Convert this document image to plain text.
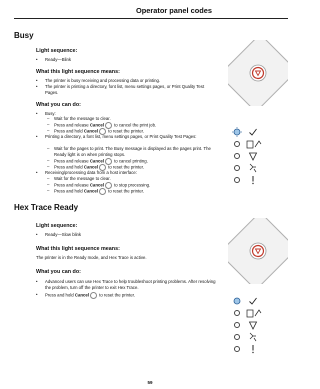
Operator panel codes
Busy
Light sequence:
• Ready—Blink
What this light sequence means:
• The printer is busy receiving and processing data or printing.
• The printer is printing a directory, font list, menu settings pages, or Print Quality Test Pages.
What you can do:
• Busy:
– Wait for the message to clear.
– Press and release Cancel to cancel the print job.
– Press and hold Cancel to reset the printer.
• Printing a directory, a font list, menu settings pages, or Print Quality Test Pages:
– Wait for the pages to print. The Busy message is displayed as the pages print. The Ready light is on when printing stops.
– Press and release Cancel to cancel printing.
– Press and hold Cancel to reset the printer.
• Receiving/processing data from a host interface:
– Wait for the message to clear.
– Press and release Cancel to stop processing.
– Press and hold Cancel to reset the printer.
Hex Trace Ready
Light sequence:
• Ready—Slow blink
What this light sequence means:
The printer is in the Ready mode, and Hex Trace is active.
What you can do:
• Advanced users can use Hex Trace to help troubleshoot printing problems. After resolving the problem, turn off the printer to exit Hex Trace.
• Press and hold Cancel to reset the printer.
59
